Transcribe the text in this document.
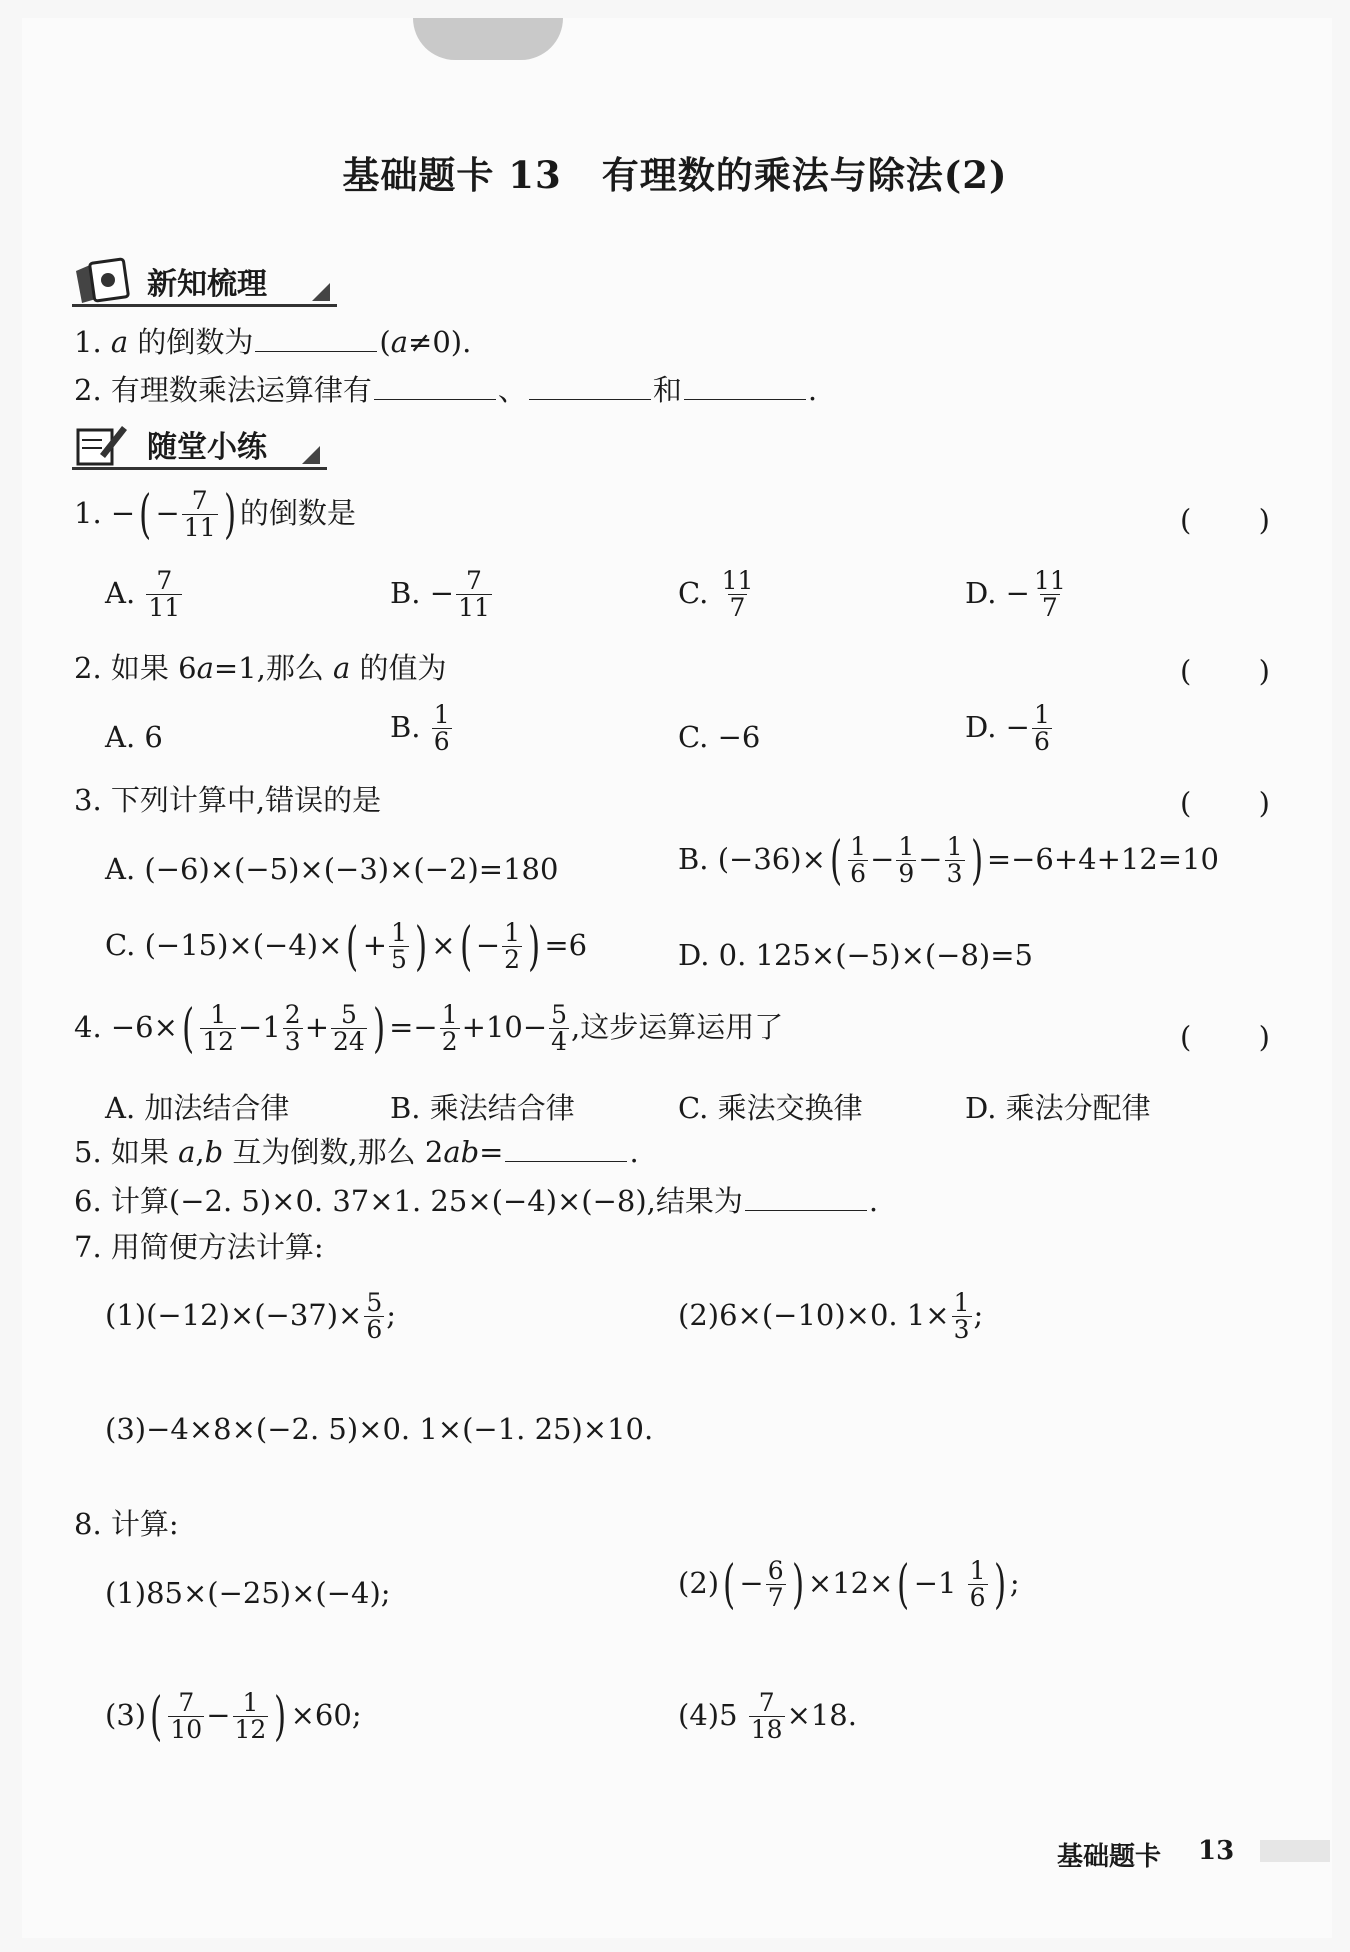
基础题卡 13 有理数的乘法与除法(2)
新知梳理
1. a 的倒数为	(a≠0).
2. 有理数乘法运算律有	、	和	.
随堂小练
1. −( − $\frac{7}{11}$ ) 的倒数是	( )
A. $\frac{7}{11}$	B. − $\frac{7}{11}$	C. $\frac{11}{7}$	D. − $\frac{11}{7}$
2. 如果 6a=1,那么 a 的值为	( )
A. 6	B. $\frac{1}{6}$	C. −6	D. − $\frac{1}{6}$
3. 下列计算中,错误的是	( )
A. (−6)×(−5)×(−3)×(−2)=180	B. $(-36)\times( \frac{1}{6} - \frac{1}{9} - \frac{1}{3}$ ) =−6+4+12=10
C. $(-15)\times(-4)\times( + \frac{1}{5}$ ) ×( − $\frac{1}{2}$ ) =6	D. 0. 125×(−5)×(−8)=5
4. $-6\times( \frac{1}{12} -1 \frac{2}{3} + \frac{5}{24}$ ) =− $\frac{1}{2} +10- \frac{5}{4}$ ,这步运算运用了	( )
A. 加法结合律	B. 乘法结合律	C. 乘法交换律	D. 乘法分配律
5. 如果 a,b 互为倒数,那么 2ab=	.
6. 计算(−2. 5)×0. 37×1. 25×(−4)×(−8),结果为	.
7. 用简便方法计算:
$(1)(-12)\times(-37)\times \frac{5}{6}$ ;	(2)6×(−10)×0. $1\times \frac{1}{3}$ ;
(3)−4×8×(−2. 5)×0. 1×(−1. 25)×10.
8. 计算:
(1)85×(−25)×(−4);	$(2)( - \frac{6}{7}$ ) $\times 12\times( -1 \frac{1}{6}$ ) ;
$(3)( \frac{7}{10} - \frac{1}{12}$ ) ×60;	$(4)5 \frac{7}{18} \times 18$.
基础题卡 13
